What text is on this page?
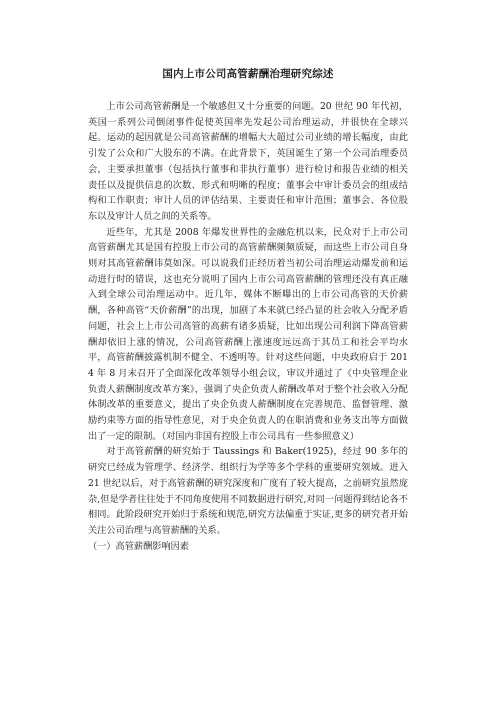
国内上市公司高管薪酬治理研究综述

上市公司高管薪酬是一个敏感但又十分重要的问题。20 世纪 90 年代初，英国一系列公司倒闭事件促使英国率先发起公司治理运动，并很快在全球兴起。运动的起因就是公司高管薪酬的增幅大大超过公司业绩的增长幅度，由此引发了公众和广大股东的不满。在此背景下，英国诞生了第一个公司治理委员会，主要承担董事（包括执行董事和非执行董事）进行检讨和报告业绩的相关责任以及提供信息的次数、形式和明晰的程度；董事会中审计委员会的组成结构和工作职责；审计人员的评估结果、主要责任和审计范围；董事会、各位股东以及审计人员之间的关系等。

近些年，尤其是 2008 年爆发世界性的金融危机以来，民众对于上市公司高管薪酬尤其是国有控股上市公司的高管薪酬频频质疑，而这些上市公司自身则对其高管薪酬讳莫如深。可以说我们正经历着当初公司治理运动爆发前和运动进行时的错误，这也充分说明了国内上市公司高管薪酬的管理还没有真正融入到全球公司治理运动中。近几年，媒体不断曝出的上市公司高管的天价薪酬，各种高管“天价薪酬”的出现，加剧了本来就已经凸显的社会收入分配矛盾问题，社会上上市公司高管的高薪有诸多质疑，比如出现公司利润下降高管薪酬却依旧上涨的情况，公司高管薪酬上涨速度远远高于其员工和社会平均水平，高管薪酬披露机制不健全、不透明等。针对这些问题，中央政府启于 2014 年 8 月末召开了全面深化改革领导小组会议，审议并通过了《中央管理企业负责人薪酬制度改革方案》，强调了央企负责人薪酬改革对于整个社会收入分配体制改革的重要意义，提出了央企负责人薪酬制度在完善规范、监督管理、激励约束等方面的指导性意见，对于央企负责人的在职消费和业务支出等方面做出了一定的限制。（对国内非国有控股上市公司具有一些参照意义）

对于高管薪酬的研究始于 Taussings 和 Baker(1925)，经过 90 多年的研究已经成为管理学、经济学、组织行为学等多个学科的重要研究领域。进入 21 世纪以后，对于高管薪酬的研究深度和广度有了较大提高，之前研究虽然庞杂,但是学者往往处于不同角度使用不同数据进行研究,对同一问题得到结论各不相同。此阶段研究开始归于系统和规范,研究方法偏重于实证,更多的研究者开始关注公司治理与高管薪酬的关系。

（一）高管薪酬影响因素
